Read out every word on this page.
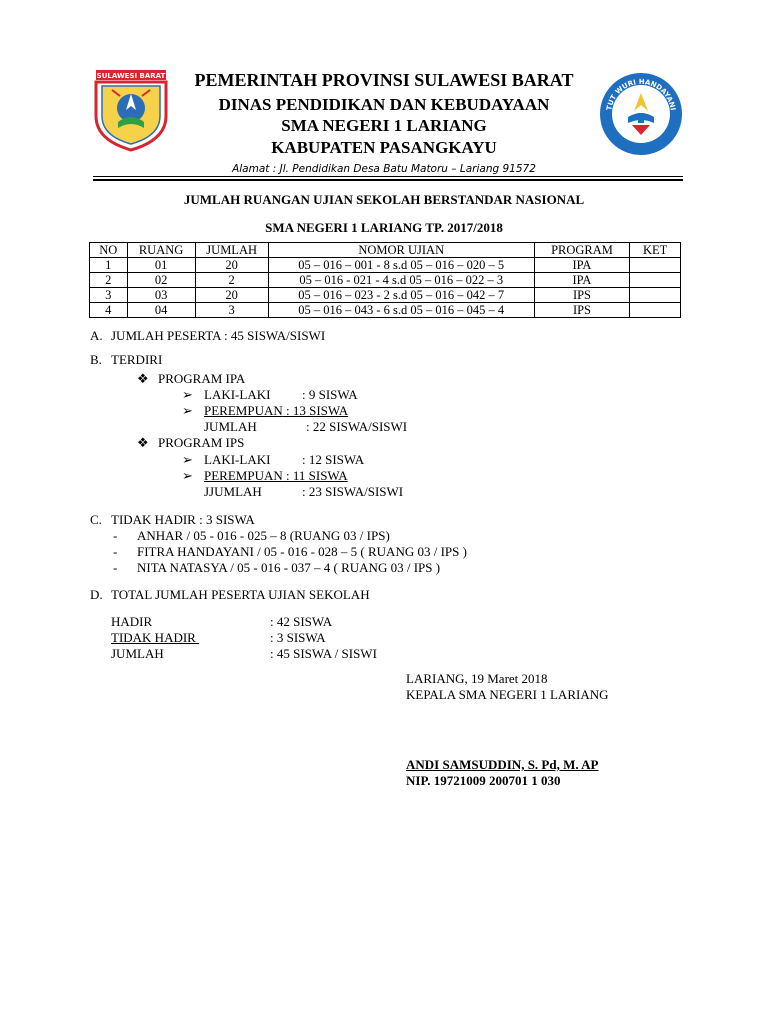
SULAWESI BARAT
TUT WURI HANDAYANI
PEMERINTAH PROVINSI SULAWESI BARAT
DINAS PENDIDIKAN DAN KEBUDAYAAN
SMA NEGERI 1 LARIANG
KABUPATEN PASANGKAYU
Alamat : Jl. Pendidikan Desa Batu Matoru – Lariang 91572
JUMLAH RUANGAN UJIAN SEKOLAH BERSTANDAR NASIONAL
SMA NEGERI 1 LARIANG TP. 2017/2018
NO	RUANG	JUMLAH	NOMOR UJIAN	PROGRAM	KET
1	01	20	05 – 016 – 001 - 8 s.d 05 – 016 – 020 – 5	IPA	
2	02	2	05 – 016 - 021 - 4 s.d 05 – 016 – 022 – 3	IPA	
3	03	20	05 – 016 – 023 - 2 s.d 05 – 016 – 042 – 7	IPS	
4	04	3	05 – 016 – 043 - 6 s.d 05 – 016 – 045 – 4	IPS	
A. JUMLAH PESERTA : 45 SISWA/SISWI
B. TERDIRI
❖ PROGRAM IPA
➢ LAKI-LAKI : 9 SISWA
➢ PEREMPUAN : 13 SISWA
JUMLAH	: 22 SISWA/SISWI
❖ PROGRAM IPS
➢ LAKI-LAKI : 12 SISWA
➢ PEREMPUAN : 11 SISWA
JJUMLAH	: 23 SISWA/SISWI
C. TIDAK HADIR : 3 SISWA
- ANHAR / 05 - 016 - 025 – 8 (RUANG 03 / IPS)
- FITRA HANDAYANI / 05 - 016 - 028 – 5 ( RUANG 03 / IPS )
- NITA NATASYA / 05 - 016 - 037 – 4 ( RUANG 03 / IPS )
D. TOTAL JUMLAH PESERTA UJIAN SEKOLAH
HADIR	: 42 SISWA
TIDAK HADIR	: 3 SISWA

JUMLAH	: 45 SISWA / SISWI
LARIANG, 19 Maret 2018
KEPALA SMA NEGERI 1 LARIANG
ANDI SAMSUDDIN, S. Pd, M. AP
NIP. 19721009 200701 1 030
